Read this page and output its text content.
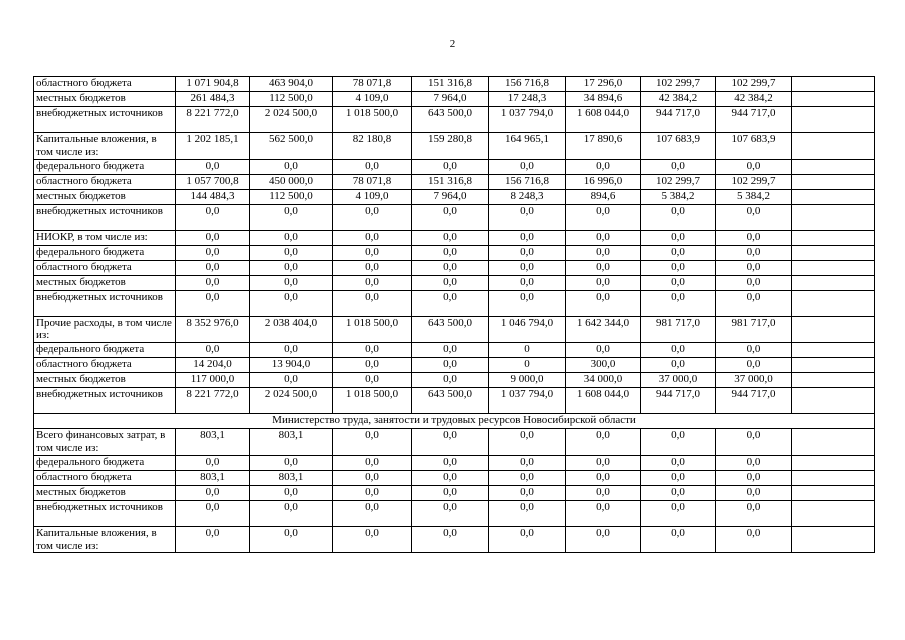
2
областного бюджета	1 071 904,8	463 904,0	78 071,8	151 316,8	156 716,8	17 296,0	102 299,7	102 299,7	
местных бюджетов	261 484,3	112 500,0	4 109,0	7 964,0	17 248,3	34 894,6	42 384,2	42 384,2	
внебюджетных источников	8 221 772,0	2 024 500,0	1 018 500,0	643 500,0	1 037 794,0	1 608 044,0	944 717,0	944 717,0	
Капитальные вложения, в том числе из:	1 202 185,1	562 500,0	82 180,8	159 280,8	164 965,1	17 890,6	107 683,9	107 683,9	
федерального бюджета	0,0	0,0	0,0	0,0	0,0	0,0	0,0	0,0	
областного бюджета	1 057 700,8	450 000,0	78 071,8	151 316,8	156 716,8	16 996,0	102 299,7	102 299,7	
местных бюджетов	144 484,3	112 500,0	4 109,0	7 964,0	8 248,3	894,6	5 384,2	5 384,2	
внебюджетных источников	0,0	0,0	0,0	0,0	0,0	0,0	0,0	0,0	
НИОКР, в том числе из:	0,0	0,0	0,0	0,0	0,0	0,0	0,0	0,0	
федерального бюджета	0,0	0,0	0,0	0,0	0,0	0,0	0,0	0,0	
областного бюджета	0,0	0,0	0,0	0,0	0,0	0,0	0,0	0,0	
местных бюджетов	0,0	0,0	0,0	0,0	0,0	0,0	0,0	0,0	
внебюджетных источников	0,0	0,0	0,0	0,0	0,0	0,0	0,0	0,0	
Прочие расходы, в том числе из:	8 352 976,0	2 038 404,0	1 018 500,0	643 500,0	1 046 794,0	1 642 344,0	981 717,0	981 717,0	
федерального бюджета	0,0	0,0	0,0	0,0	0	0,0	0,0	0,0	
областного бюджета	14 204,0	13 904,0	0,0	0,0	0	300,0	0,0	0,0	
местных бюджетов	117 000,0	0,0	0,0	0,0	9 000,0	34 000,0	37 000,0	37 000,0	
внебюджетных источников	8 221 772,0	2 024 500,0	1 018 500,0	643 500,0	1 037 794,0	1 608 044,0	944 717,0	944 717,0	
Министерство труда, занятости и трудовых ресурсов Новосибирской области									
Всего финансовых затрат, в том числе из:	803,1	803,1	0,0	0,0	0,0	0,0	0,0	0,0	
федерального бюджета	0,0	0,0	0,0	0,0	0,0	0,0	0,0	0,0	
областного бюджета	803,1	803,1	0,0	0,0	0,0	0,0	0,0	0,0	
местных бюджетов	0,0	0,0	0,0	0,0	0,0	0,0	0,0	0,0	
внебюджетных источников	0,0	0,0	0,0	0,0	0,0	0,0	0,0	0,0	
Капитальные вложения, в том числе из:	0,0	0,0	0,0	0,0	0,0	0,0	0,0	0,0	
